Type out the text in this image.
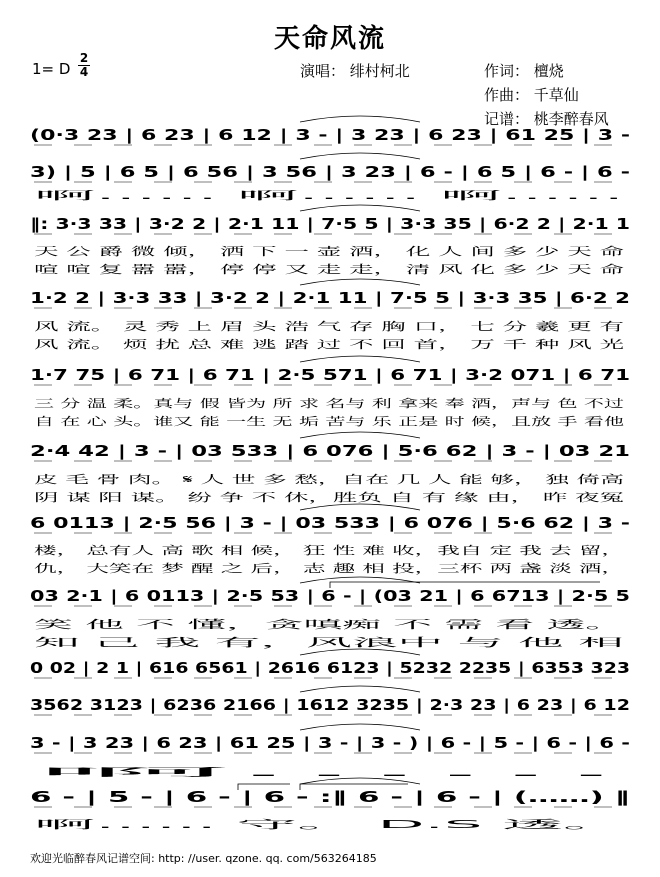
天命风流
1= D
2
4	演唱： 绯村柯北	作词： 檀烧
作曲： 千草仙
记谱： 桃李醉春风
(0·3 23 | 6 23 | 6 12 | 3 - | 3 23 | 6 23 | 61 25 | 3 -
3) | 5 | 6 5 | 6 56 | 3 56 | 3 23 | 6 - | 6 5 | 6 - | 6 -
啊…… 啊…… 啊……
‖: 3·3 33 | 3·2 2 | 2·1 11 | 7·5 5 | 3·3 35 | 6·2 2 | 2·1 1
天 公 爵 微 倾， 洒 下 一 壶 酒， 化 人 间 多 少 天 命
喧 喧 复 嚣 嚣， 停 停 又 走 走， 清 风 化 多 少 天 命
1·2 2 | 3·3 33 | 3·2 2 | 2·1 11 | 7·5 5 | 3·3 35 | 6·2 2
风 流。 灵 秀 上 眉 头 浩 气 存 胸 口， 七 分 羲 更 有
风 流。 烦 扰 总 难 逃 踏 过 不 回 首， 万 千 种 风 光
1·7 75 | 6 71 | 6 71 | 2·5 571 | 6 71 | 3·2 071 | 6 71
三 分 温 柔。真与 假 皆为 所 求 名与 利 拿来 奉 酒，声与 色 不过
自 在 心 头。谁又 能 一生 无 垢 苦与 乐 正是 时 候，且放 手 看他
2·4 42 | 3 - | 03 533 | 6 076 | 5·6 62 | 3 - | 03 21
皮 毛 骨 肉。 𝄋 人 世 多 愁，自在 几 人 能 够， 独 倚高
阴 谋 阳 谋。 纷 争 不 休，胜负 自 有 缘 由， 昨 夜冤
6 0113 | 2·5 56 | 3 - | 03 533 | 6 076 | 5·6 62 | 3 -
楼， 总有人 高 歌 相 候， 狂 性 难 收，我自 定 我 去 留，
仇， 大笑在 梦 醒 之 后， 志 趣 相 投，三杯 两 盏 淡 酒，
03 2·1 | 6 0113 | 2·5 53 | 6 - | (03 21 | 6 6713 | 2·5 5
笑 他 不 懂，贪嗔痴 不 需 看 透。
知 己 我 有，风浪中 与 他 相
0 02 | 2 1 | 616 6561 | 2616 6123 | 5232 2235 | 6353 323
3562 3123 | 6236 2166 | 1612 3235 | 2·3 23 | 6 23 | 6 12
3 - | 3 23 | 6 23 | 61 25 | 3 - | 3 - ) | 6 - | 5 - | 6 - | 6 -
啊……
6 - | 5 - | 6 - | 6 - :‖ 6 - | 6 - | (……) ‖
啊…… 守。 D.S 透。
欢迎光临醉春风记谱空间: http: //user. qzone. qq. com/563264185
